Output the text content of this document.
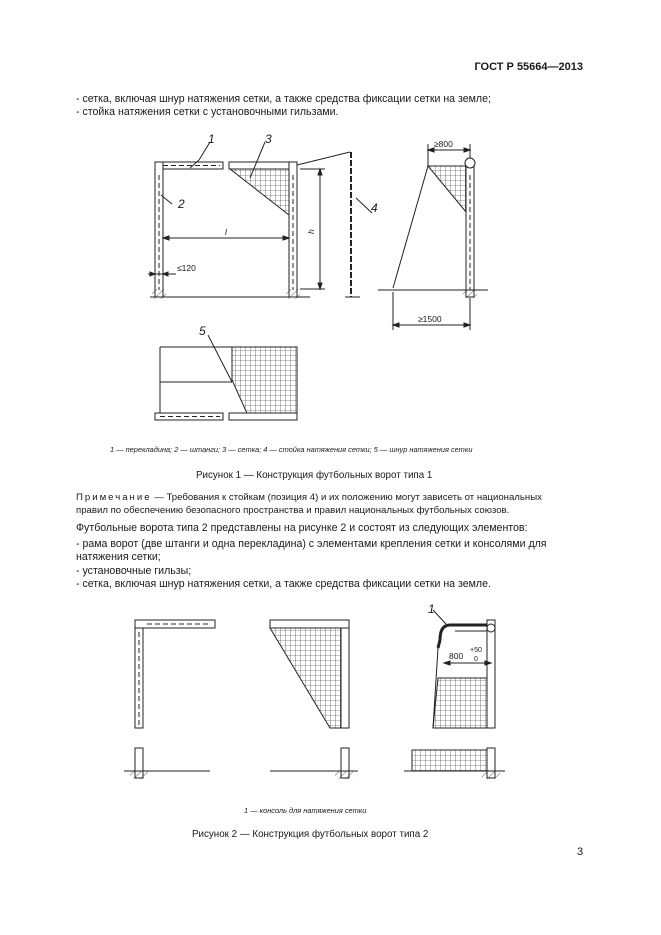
ГОСТ Р 55664—2013
- сетка, включая шнур натяжения сетки, а также средства фиксации сетки на земле;
- стойка натяжения сетки с установочными гильзами.
1	3
2	4
l	h
≤120
≥800
≥1500
5
1 — перекладина; 2 — штанги; 3 — сетка; 4 — стойка натяжения сетки; 5 — шнур натяжения сетки
Рисунок 1 — Конструкция футбольных ворот типа 1
Примечание — Требования к стойкам (позиция 4) и их положению могут зависеть от национальных
правил по обеспечению безопасного пространства и правил национальных футбольных союзов.
Футбольные ворота типа 2 представлены на рисунке 2 и состоят из следующих элементов:
- рама ворот (две штанги и одна перекладина) с элементами крепления сетки и консолями для
натяжения сетки;
- установочные гильзы;
- сетка, включая шнур натяжения сетки, а также средства фиксации сетки на земле.
1
800
+50
0
1 — консоль для натяжения сетки
Рисунок 2 — Конструкция футбольных ворот типа 2
3
